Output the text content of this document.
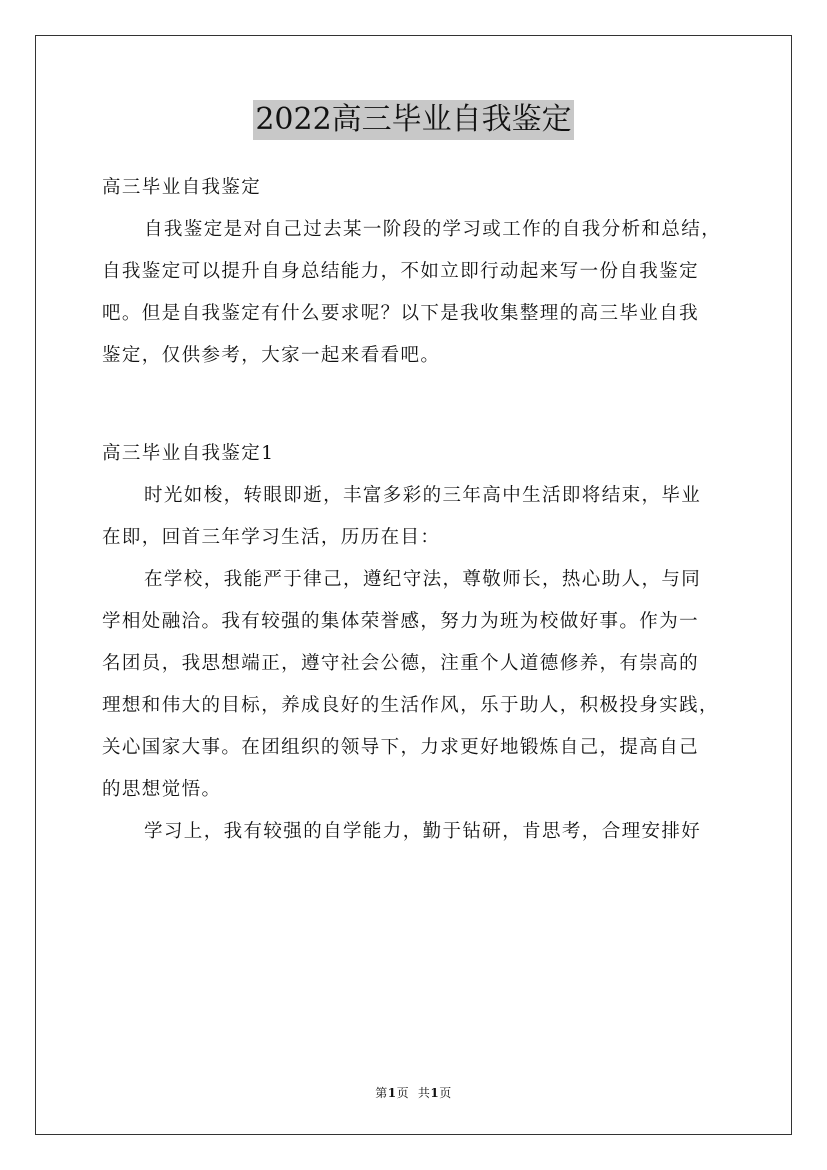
2022高三毕业自我鉴定
高三毕业自我鉴定
自我鉴定是对自己过去某一阶段的学习或工作的自我分析和总结，
自我鉴定可以提升自身总结能力，不如立即行动起来写一份自我鉴定
吧。但是自我鉴定有什么要求呢？以下是我收集整理的高三毕业自我
鉴定，仅供参考，大家一起来看看吧。
高三毕业自我鉴定1
时光如梭，转眼即逝，丰富多彩的三年高中生活即将结束，毕业
在即，回首三年学习生活，历历在目：
在学校，我能严于律己，遵纪守法，尊敬师长，热心助人，与同
学相处融洽。我有较强的集体荣誉感，努力为班为校做好事。作为一
名团员，我思想端正，遵守社会公德，注重个人道德修养，有崇高的
理想和伟大的目标，养成良好的生活作风，乐于助人，积极投身实践，
关心国家大事。在团组织的领导下，力求更好地锻炼自己，提高自己
的思想觉悟。
学习上，我有较强的自学能力，勤于钻研，肯思考，合理安排好
第1页 共1页
